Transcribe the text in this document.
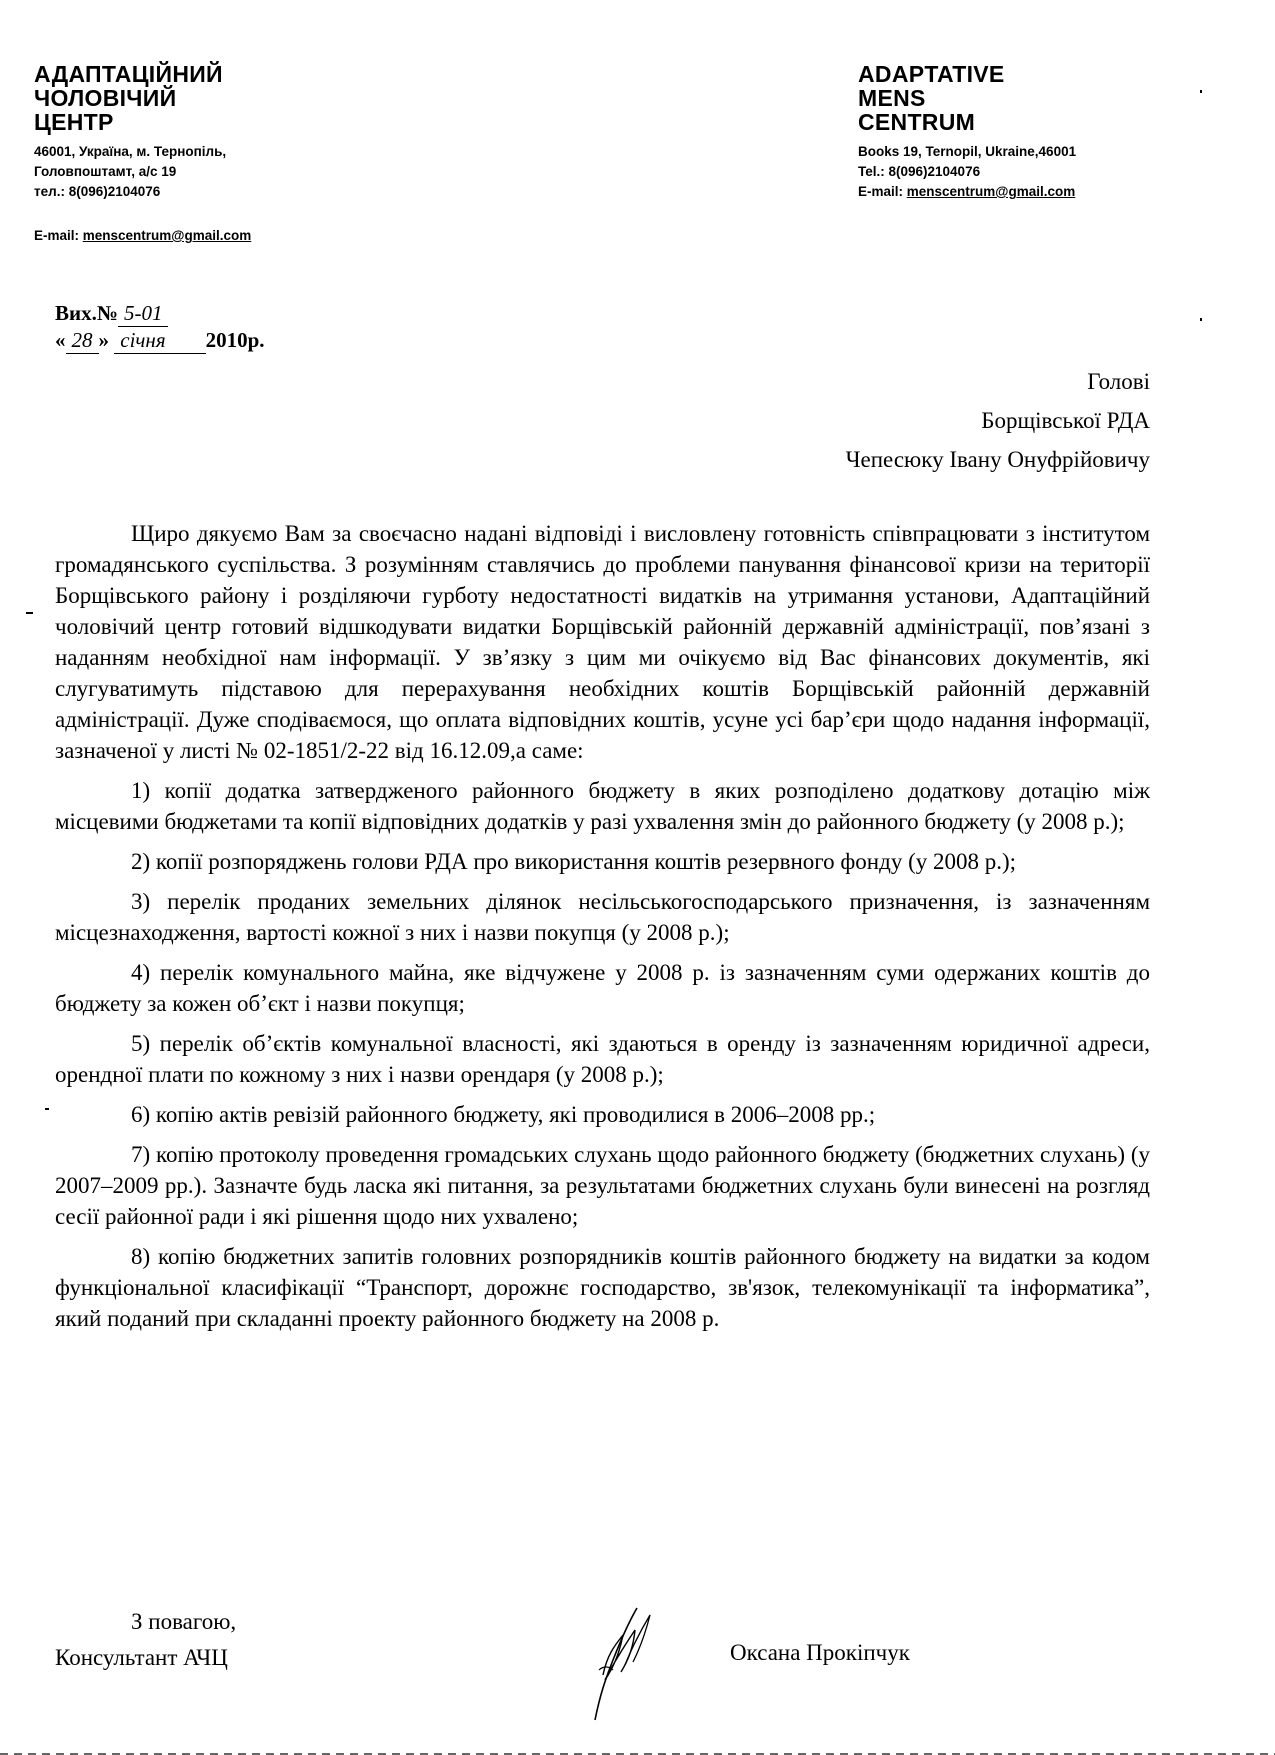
АДАПТАЦІЙНИЙ
ЧОЛОВІЧИЙ
ЦЕНТР
46001, Україна, м. Тернопіль,
Головпоштамт, а/с 19
тел.: 8(096)2104076
E-mail: menscentrum@gmail.com
ADAPTATIVE
MENS
CENTRUM
Books 19, Ternopil, Ukraine,46001
Tel.: 8(096)2104076
E-mail: menscentrum@gmail.com
Вих.№ 5-01
« 28 » січня 2010р.
Голові
Борщівської РДА
Чепесюку Івану Онуфрійовичу

Щиро дякуємо Вам за своєчасно надані відповіді і висловлену готовність співпрацювати з інститутом громадянського суспільства. З розумінням ставлячись до проблеми панування фінансової кризи на території Борщівського району і розділяючи гурботу недостатності видатків на утримання установи, Адаптаційний чоловічий центр готовий відшкодувати видатки Борщівській районній державній адміністрації, пов’язані з наданням необхідної нам інформації. У зв’язку з цим ми очікуємо від Вас фінансових документів, які слугуватимуть підставою для перерахування необхідних коштів Борщівській районній державній адміністрації. Дуже сподіваємося, що оплата відповідних коштів, усуне усі бар’єри щодо надання інформації, зазначеної у листі № 02-1851/2-22 від 16.12.09,а саме:

1) копії додатка затвердженого районного бюджету в яких розподілено додаткову дотацію між місцевими бюджетами та копії відповідних додатків у разі ухвалення змін до районного бюджету (у 2008 р.);

2) копії розпоряджень голови РДА про використання коштів резервного фонду (у 2008 р.);

3) перелік проданих земельних ділянок несільськогосподарського призначення, із зазначенням місцезнаходження, вартості кожної з них і назви покупця (у 2008 р.);

4) перелік комунального майна, яке відчужене у 2008 р. із зазначенням суми одержаних коштів до бюджету за кожен об’єкт і назви покупця;

5) перелік об’єктів комунальної власності, які здаються в оренду із зазначенням юридичної адреси, орендної плати по кожному з них і назви орендаря (у 2008 р.);

6) копію актів ревізій районного бюджету, які проводилися в 2006–2008 рр.;

7) копію протоколу проведення громадських слухань щодо районного бюджету (бюджетних слухань) (у 2007–2009 рр.). Зазначте будь ласка які питання, за результатами бюджетних слухань були винесені на розгляд сесії районної ради і які рішення щодо них ухвалено;

8) копію бюджетних запитів головних розпорядників коштів районного бюджету на видатки за кодом функціональної класифікації “Транспорт, дорожнє господарство, зв'язок, телекомунікації та інформатика”, який поданий при складанні проекту районного бюджету на 2008 р.

З повагою,
Консультант АЧЦ	Оксана Прокіпчук
